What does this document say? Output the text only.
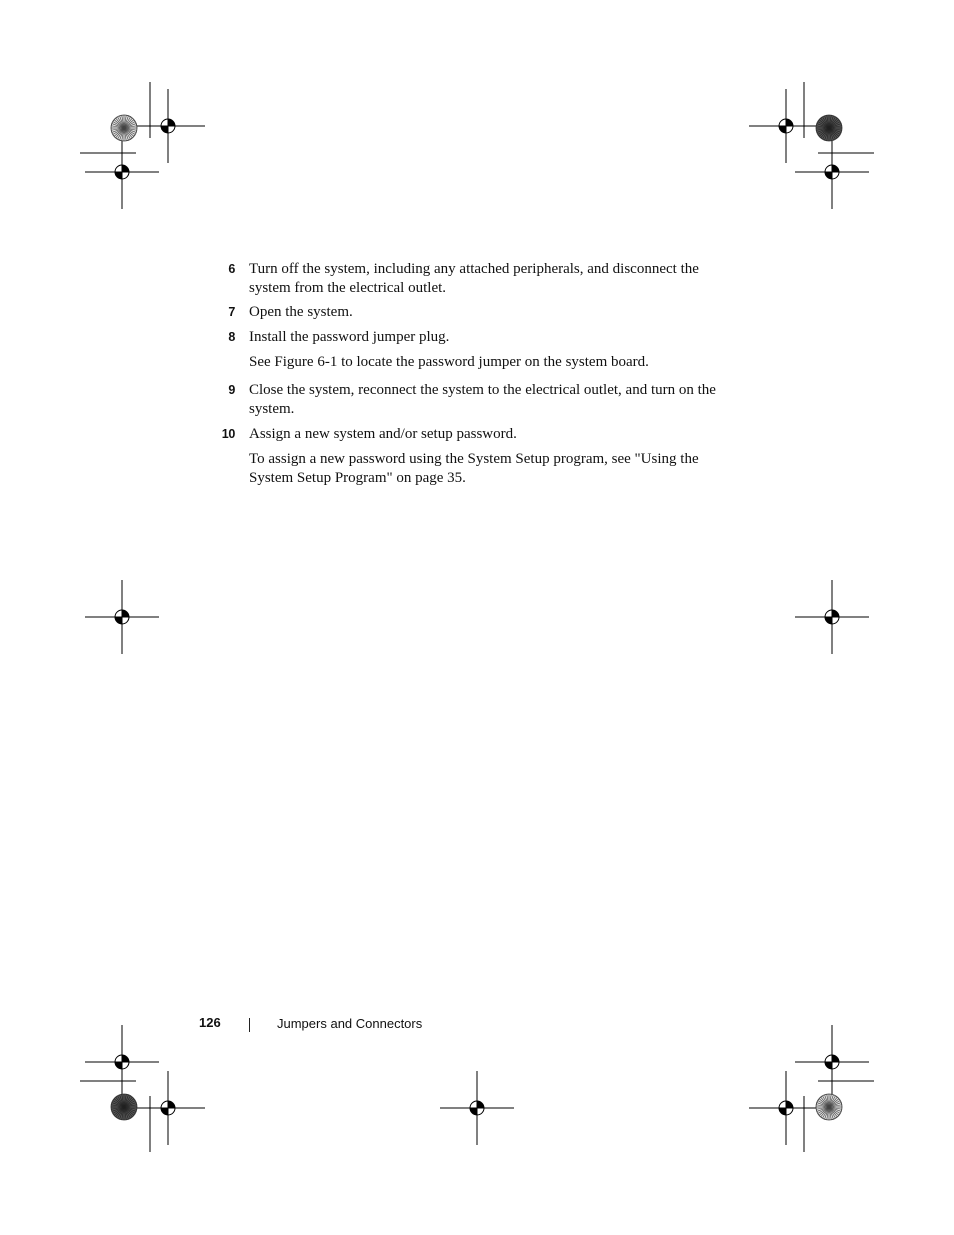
6 Turn off the system, including any attached peripherals, and disconnect the system from the electrical outlet.

7 Open the system.

8 Install the password jumper plug.

See Figure 6-1 to locate the password jumper on the system board.

9 Close the system, reconnect the system to the electrical outlet, and turn on the system.

10 Assign a new system and/or setup password.

To assign a new password using the System Setup program, see "Using the System Setup Program" on page 35.

126	Jumpers and Connectors
